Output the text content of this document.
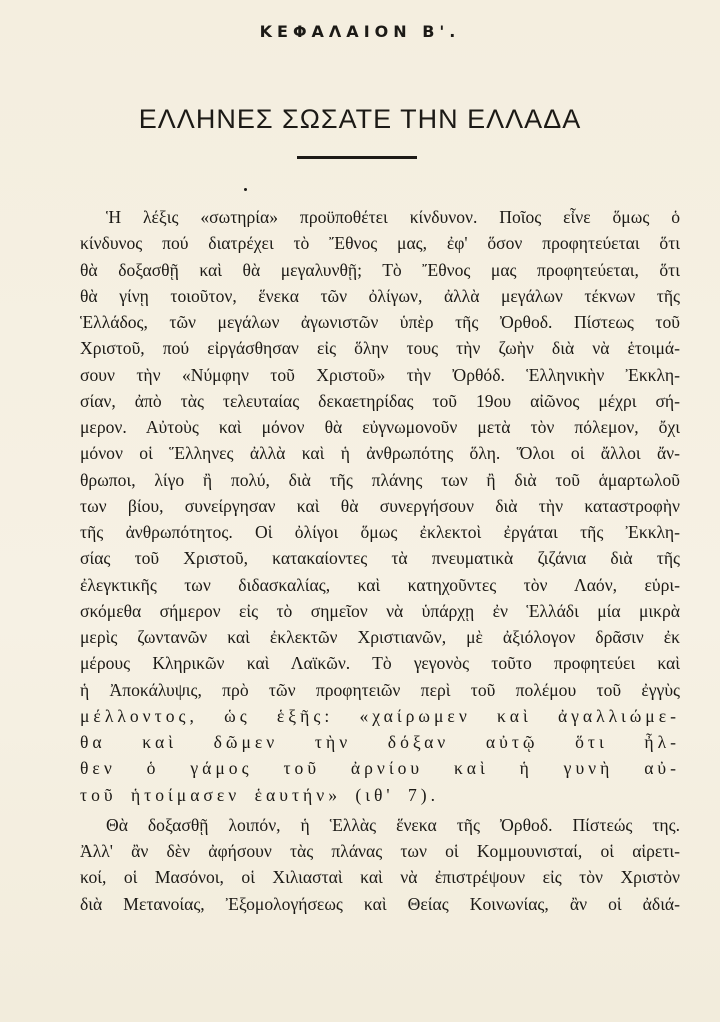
ΚΕΦΑΛΑΙΟΝ Β'.
ΕΛΛΗΝΕΣ ΣΩΣΑΤΕ ΤΗΝ ΕΛΛΑΔΑ
Ἡ λέξις «σωτηρία» προϋποθέτει κίνδυνον. Ποῖος εἶνε ὅμως ὁ
κίνδυνος πού διατρέχει τὸ Ἔθνος μας, ἐφ' ὅσον προφητεύεται ὅτι
θὰ δοξασθῇ καὶ θὰ μεγαλυνθῇ; Τὸ Ἔθνος μας προφητεύεται, ὅτι
θὰ γίνῃ τοιοῦτον, ἕνεκα τῶν ὀλίγων, ἀλλὰ μεγάλων τέκνων τῆς
Ἑλλάδος, τῶν μεγάλων ἀγωνιστῶν ὑπὲρ τῆς Ὀρθοδ. Πίστεως τοῦ
Χριστοῦ, πού εἰργάσθησαν εἰς ὅλην τους τὴν ζωὴν διὰ νὰ ἑτοιμά-
σουν τὴν «Νύμφην τοῦ Χριστοῦ» τὴν Ὀρθόδ. Ἑλληνικὴν Ἐκκλη-
σίαν, ἀπὸ τὰς τελευταίας δεκαετηρίδας τοῦ 19ου αἰῶνος μέχρι σή-
μερον. Αὐτοὺς καὶ μόνον θὰ εὐγνωμονοῦν μετὰ τὸν πόλεμον, ὄχι
μόνον οἱ Ἕλληνες ἀλλὰ καὶ ἡ ἀνθρωπότης ὅλη. Ὅλοι οἱ ἄλλοι ἄν-
θρωποι, λίγο ἢ πολύ, διὰ τῆς πλάνης των ἢ διὰ τοῦ ἁμαρτωλοῦ
των βίου, συνείργησαν καὶ θὰ συνεργήσουν διὰ τὴν καταστροφὴν
τῆς ἀνθρωπότητος. Οἱ ὀλίγοι ὅμως ἐκλεκτοὶ ἐργάται τῆς Ἐκκλη-
σίας τοῦ Χριστοῦ, κατακαίοντες τὰ πνευματικὰ ζιζάνια διὰ τῆς
ἐλεγκτικῆς των διδασκαλίας, καὶ κατηχοῦντες τὸν Λαόν, εὑρι-
σκόμεθα σήμερον εἰς τὸ σημεῖον νὰ ὑπάρχῃ ἐν Ἑλλάδι μία μικρὰ
μερὶς ζωντανῶν καὶ ἐκλεκτῶν Χριστιανῶν, μὲ ἀξιόλογον δρᾶσιν ἐκ
μέρους Κληρικῶν καὶ Λαϊκῶν. Τὸ γεγονὸς τοῦτο προφητεύει καὶ
ἡ Ἀποκάλυψις, πρὸ τῶν προφητειῶν περὶ τοῦ πολέμου τοῦ ἐγγὺς
μέλλοντος, ὡς ἑξῆς: «χαίρωμεν καὶ ἀγαλλιώμε-
θα καὶ δῶμεν τὴν δόξαν αὐτῷ ὅτι ἦλ-
θεν ὁ γάμος τοῦ ἀρνίου καὶ ἡ γυνὴ αὐ-
τοῦ ἡτοίμασεν ἑαυτήν» (ιθ' 7).
Θὰ δοξασθῇ λοιπόν, ἡ Ἑλλὰς ἕνεκα τῆς Ὀρθοδ. Πίστεώς της.
Ἀλλ' ἂν δὲν ἀφήσουν τὰς πλάνας των οἱ Κομμουνισταί, οἱ αἱρετι-
κοί, οἱ Μασόνοι, οἱ Χιλιασταὶ καὶ νὰ ἐπιστρέψουν εἰς τὸν Χριστὸν
διὰ Μετανοίας, Ἐξομολογήσεως καὶ Θείας Κοινωνίας, ἂν οἱ ἀδιά-
